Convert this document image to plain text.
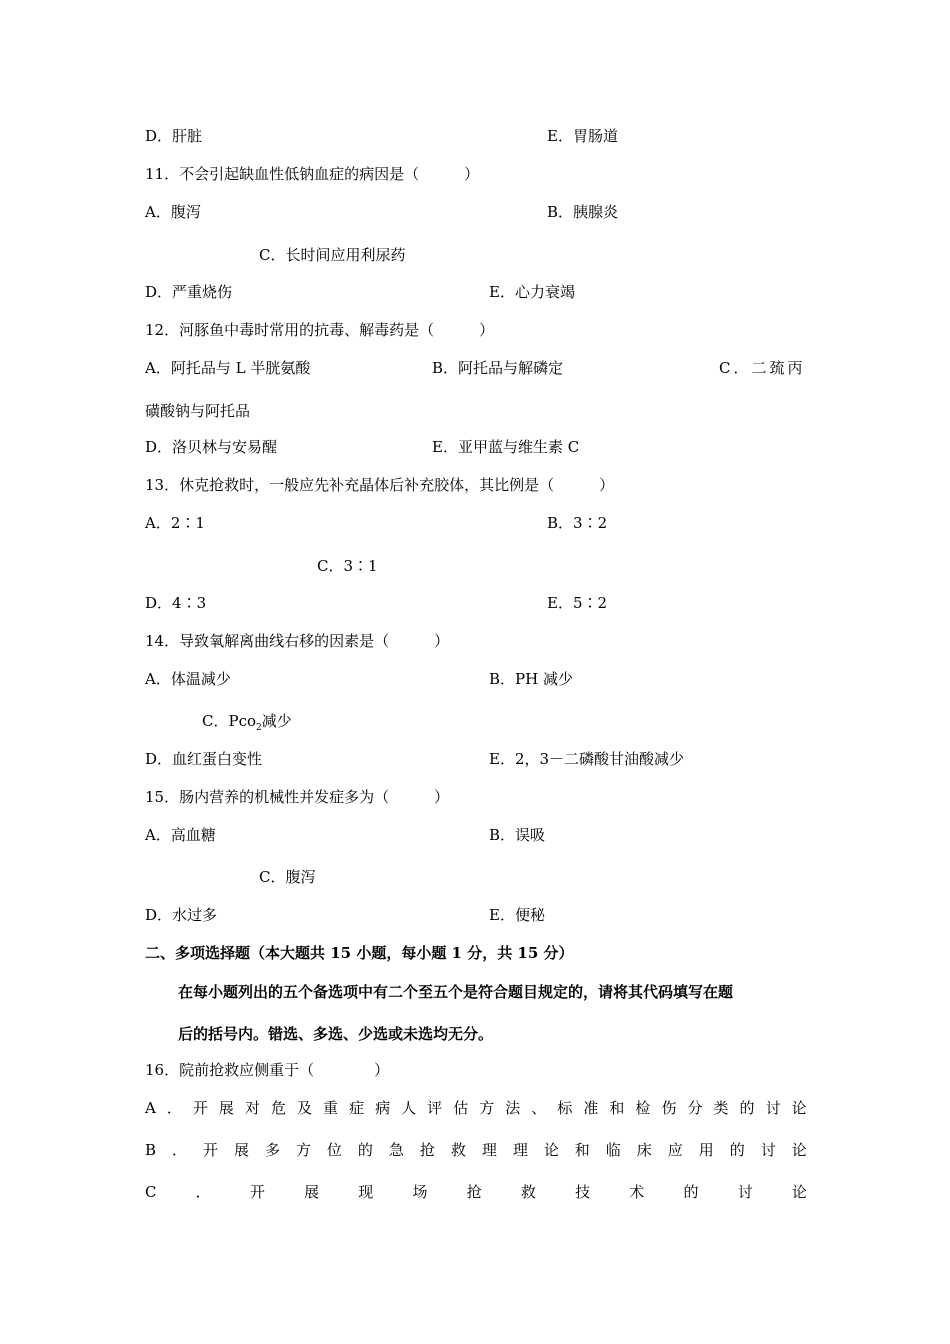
D．肝脏	E．胃肠道
11．不会引起缺血性低钠血症的病因是（　　　）
A．腹泻	B．胰腺炎
C．长时间应用利尿药
D．严重烧伤	E．心力衰竭
12．河豚鱼中毒时常用的抗毒、解毒药是（　　　）
A．阿托品与 L 半胱氨酸	B．阿托品与解磷定	C．二巯丙
磺酸钠与阿托品
D．洛贝林与安易醒	E．亚甲蓝与维生素 C
13．休克抢救时，一般应先补充晶体后补充胶体，其比例是（　　　）
A．2∶1	B．3∶2
C．3∶1
D．4∶3	E．5∶2
14．导致氧解离曲线右移的因素是（　　　）
A．体温减少	B．PH 减少
C．Pco$_2$减少
D．血红蛋白变性	E．2，3－二磷酸甘油酸减少
15．肠内营养的机械性并发症多为（　　　）
A．高血糖	B．误吸
C．腹泻
D．水过多	E．便秘
二、多项选择题（本大题共 15 小题，每小题 1 分，共 15 分）
在每小题列出的五个备选项中有二个至五个是符合题目规定的，请将其代码填写在题
后的括号内。错选、多选、少选或未选均无分。
16．院前抢救应侧重于（　　　　）
A ． 开 展 对 危 及 重 症 病 人 评 估 方 法 、 标 准 和 检 伤 分 类 的 讨 论
B ． 开 展 多 方 位 的 急 抢 救 理 理 论 和 临 床 应 用 的 讨 论
C	．	开	展	现	场	抢	救	技	术	的	讨	论
